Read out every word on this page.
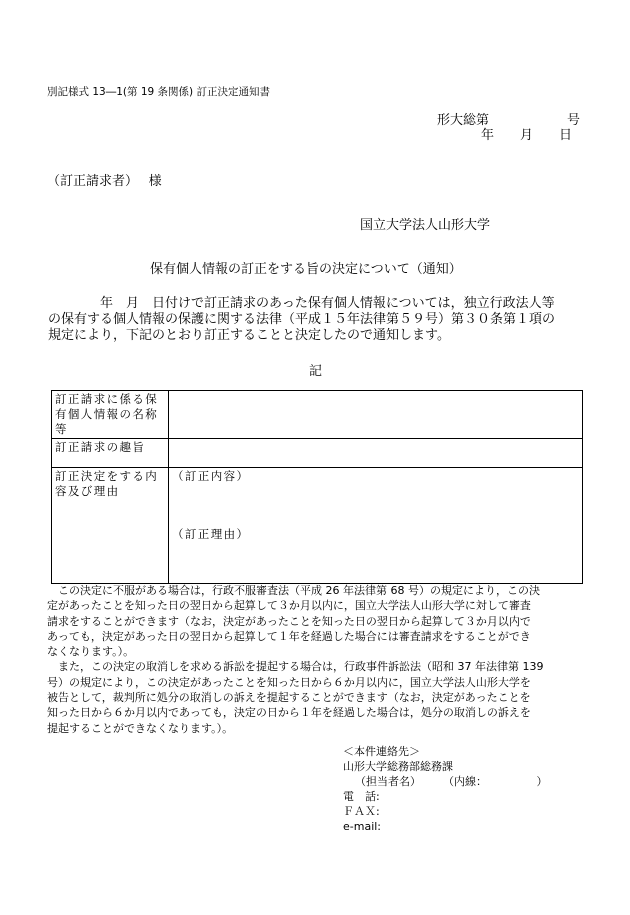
別記様式 13―1(第 19 条関係) 訂正決定通知書
形大総第　　　　　　号
年　　月　　日
（訂正請求者）　 様
国立大学法人山形大学
保有個人情報の訂正をする旨の決定について（通知）
　　　　年　月　日付けで訂正請求のあった保有個人情報については，独立行政法人等
の保有する個人情報の保護に関する法律（平成１５年法律第５９号）第３０条第１項の
規定により，下記のとおり訂正することと決定したので通知します。
記
訂正請求に係る保有個人情報の名称等	
訂正請求の趣旨	
訂正決定をする内容及び理由	（訂正内容）
（訂正理由）
　この決定に不服がある場合は，行政不服審査法（平成 26 年法律第 68 号）の規定により，この決
定があったことを知った日の翌日から起算して３か月以内に，国立大学法人山形大学に対して審査
請求をすることができます（なお，決定があったことを知った日の翌日から起算して３か月以内で
あっても，決定があった日の翌日から起算して１年を経過した場合には審査請求をすることができ
なくなります。）。
　また，この決定の取消しを求める訴訟を提起する場合は，行政事件訴訟法（昭和 37 年法律第 139
号）の規定により，この決定があったことを知った日から６か月以内に，国立大学法人山形大学を
被告として，裁判所に処分の取消しの訴えを提起することができます（なお，決定があったことを
知った日から６か月以内であっても，決定の日から１年を経過した場合は，処分の取消しの訴えを
提起することができなくなります。）。
＜本件連絡先＞
山形大学総務部総務課
（担当者名）　　　（内線：　　　　　）
電　話:
ＦＡＸ:
e-mail:
